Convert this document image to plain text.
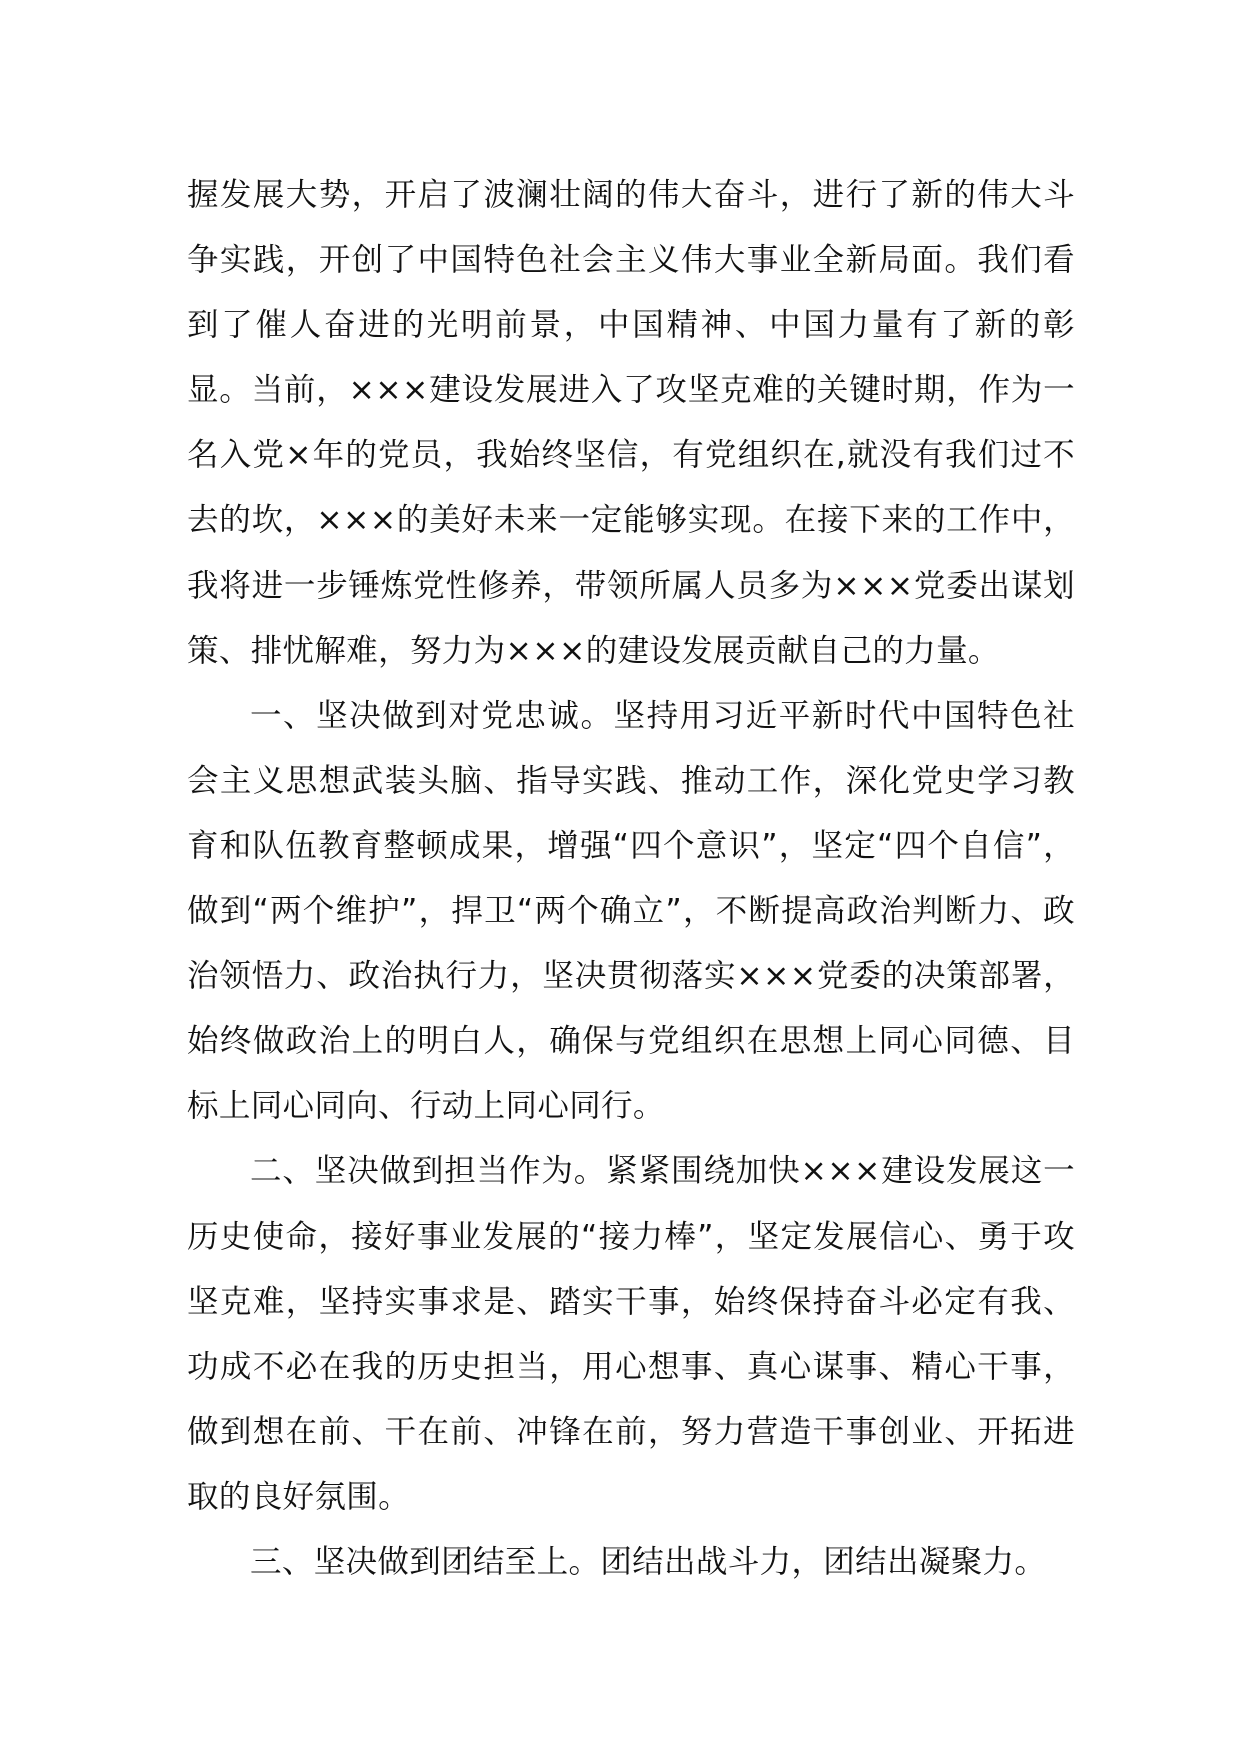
握发展大势，开启了波澜壮阔的伟大奋斗，进行了新的伟大斗争实践，开创了中国特色社会主义伟大事业全新局面。我们看到了催人奋进的光明前景，中国精神、中国力量有了新的彰显。当前，×××建设发展进入了攻坚克难的关键时期，作为一名入党×年的党员，我始终坚信，有党组织在,就没有我们过不去的坎，×××的美好未来一定能够实现。在接下来的工作中，我将进一步锤炼党性修养，带领所属人员多为×××党委出谋划策、排忧解难，努力为×××的建设发展贡献自己的力量。

一、坚决做到对党忠诚。坚持用习近平新时代中国特色社会主义思想武装头脑、指导实践、推动工作，深化党史学习教育和队伍教育整顿成果，增强“四个意识”，坚定“四个自信”，做到“两个维护”，捍卫“两个确立”，不断提高政治判断力、政治领悟力、政治执行力，坚决贯彻落实×××党委的决策部署，始终做政治上的明白人，确保与党组织在思想上同心同德、目标上同心同向、行动上同心同行。

二、坚决做到担当作为。紧紧围绕加快×××建设发展这一历史使命，接好事业发展的“接力棒”，坚定发展信心、勇于攻坚克难，坚持实事求是、踏实干事，始终保持奋斗必定有我、功成不必在我的历史担当，用心想事、真心谋事、精心干事，做到想在前、干在前、冲锋在前，努力营造干事创业、开拓进取的良好氛围。

三、坚决做到团结至上。团结出战斗力，团结出凝聚力。
